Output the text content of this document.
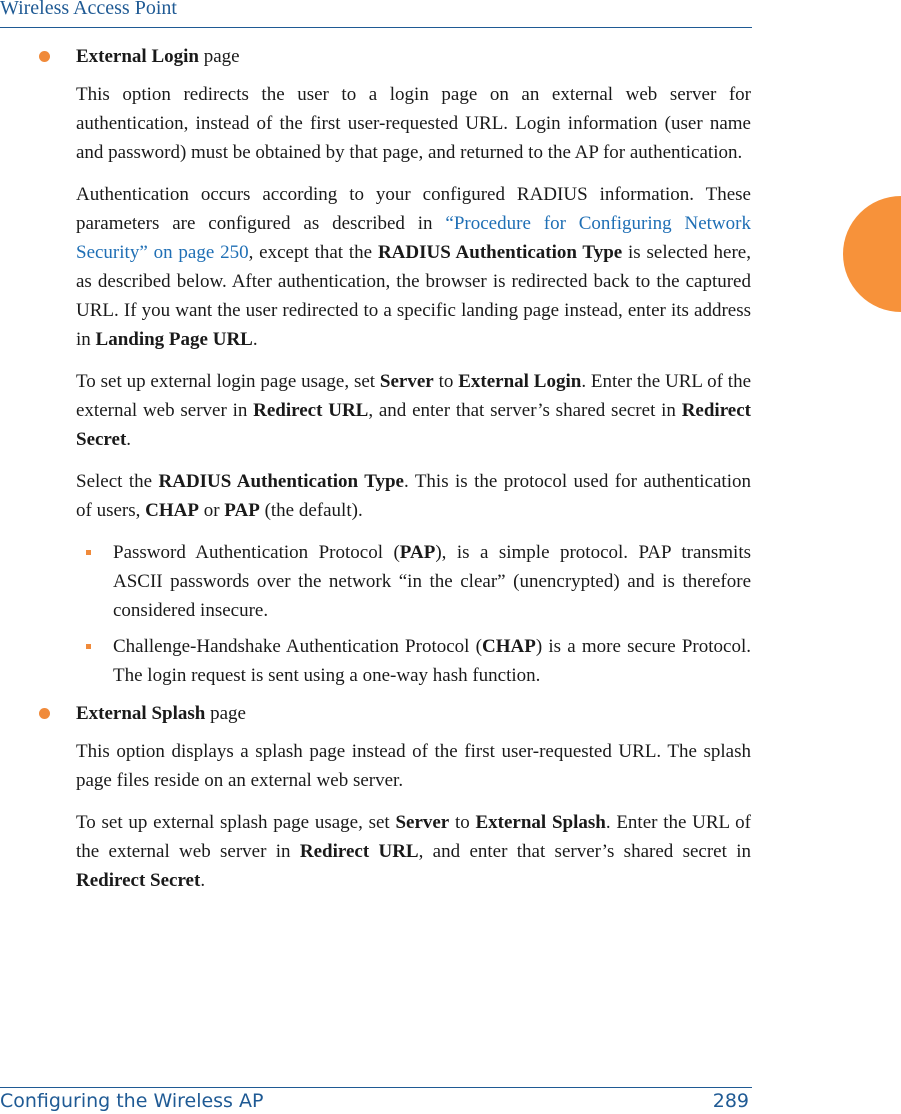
Wireless Access Point

External Login page

This option redirects the user to a login page on an external web server for authentication, instead of the first user-requested URL. Login information (user name and password) must be obtained by that page, and returned to the AP for authentication.

Authentication occurs according to your configured RADIUS information. These parameters are configured as described in “Procedure for Configuring Network Security” on page 250, except that the RADIUS Authentication Type is selected here, as described below. After authentication, the browser is redirected back to the captured URL. If you want the user redirected to a specific landing page instead, enter its address in Landing Page URL.

To set up external login page usage, set Server to External Login. Enter the URL of the external web server in Redirect URL, and enter that server’s shared secret in Redirect Secret.

Select the RADIUS Authentication Type. This is the protocol used for authentication of users, CHAP or PAP (the default).

Password Authentication Protocol (PAP), is a simple protocol. PAP transmits ASCII passwords over the network “in the clear” (unencrypted) and is therefore considered insecure.
Challenge-Handshake Authentication Protocol (CHAP) is a more secure Protocol. The login request is sent using a one-way hash function.

External Splash page

This option displays a splash page instead of the first user-requested URL. The splash page files reside on an external web server.

To set up external splash page usage, set Server to External Splash. Enter the URL of the external web server in Redirect URL, and enter that server’s shared secret in Redirect Secret.

Configuring the Wireless AP	289
